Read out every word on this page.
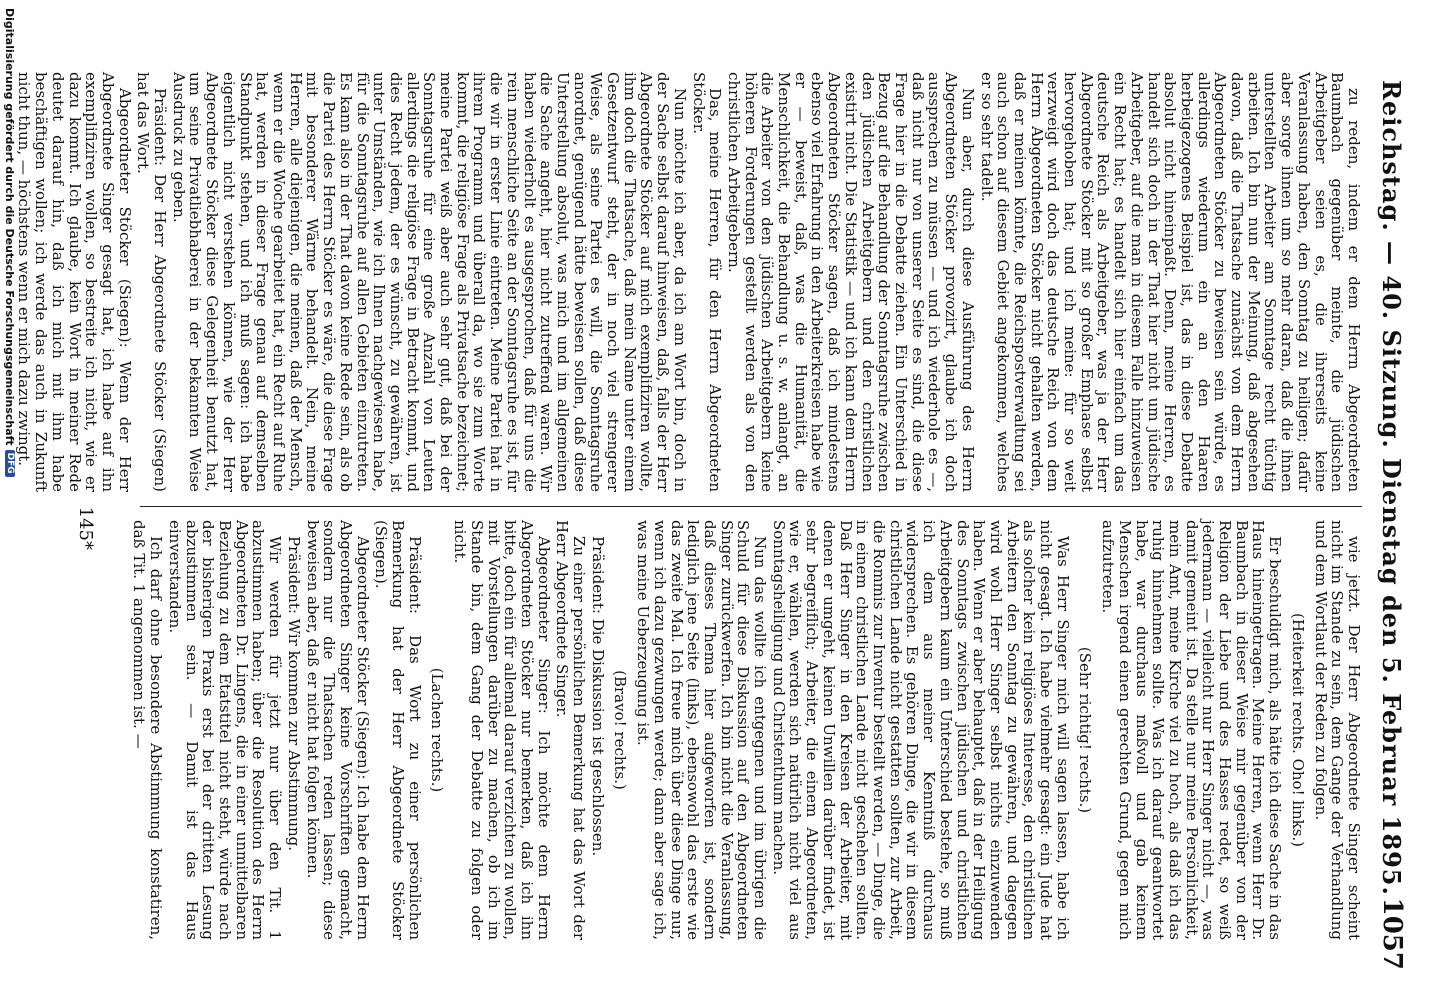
Reichstag. — 40. Sitzung. Dienstag den 5. Februar 1895.
1057

zu reden, indem er dem Herrn Abgeordneten Baumbach gegenüber meinte, die jüdischen Arbeitgeber seien es, die ihrerseits keine Veranlassung haben, den Sonntag zu heiligen; dafür aber sorge ihnen um so mehr daran, daß die ihnen unterstellten Arbeiter am Sonntage recht tüchtig arbeiten. Ich bin nun der Meinung, daß abgesehen davon, daß die Thatsache zunächst von dem Herrn Abgeordneten Stöcker zu beweisen sein würde, es allerdings wiederum ein an den Haaren herbeigezogenes Beispiel ist, das in diese Debatte absolut nicht hineinpaßt. Denn, meine Herren, es handelt sich doch in der That hier nicht um jüdische Arbeitgeber, auf die man in diesem Falle hinzuweisen ein Recht hat; es handelt sich hier einfach um das deutsche Reich als Arbeitgeber, was ja der Herr Abgeordnete Stöcker mit so großer Emphase selbst hervorgehoben hat; und ich meine: für so weit verzweigt wird doch das deutsche Reich von dem Herrn Abgeordneten Stöcker nicht gehalten werden, daß er meinen könnte, die Reichspostverwaltung sei auch schon auf diesem Gebiet angekommen, welches er so sehr tadelt.

Nun aber, durch diese Ausführung des Herrn Abgeordneten Stöcker provozirt, glaube ich doch aussprechen zu müssen — und ich wiederhole es —, daß nicht nur von unserer Seite es sind, die diese Frage hier in die Debatte ziehen. Ein Unterschied in Bezug auf die Behandlung der Sonntagsruhe zwischen den jüdischen Arbeitgebern und den christlichen existirt nicht. Die Statistik — und ich kann dem Herrn Abgeordneten Stöcker sagen, daß ich mindestens ebenso viel Erfahrung in den Arbeiterkreisen habe wie er — beweist, daß, was die Humanität, die Menschlichkeit, die Behandlung u. s. w. anlangt, an die Arbeiter von den jüdischen Arbeitgebern keine höheren Forderungen gestellt werden als von den christlichen Arbeitgebern.

Das, meine Herren, für den Herrn Abgeordneten Stöcker.

Nun möchte ich aber, da ich am Wort bin, doch in der Sache selbst darauf hinweisen, daß, falls der Herr Abgeordnete Stöcker auf mich exemplifiziren wollte, ihm doch die Thatsache, daß mein Name unter einem Gesetzentwurf steht, der in noch viel strengerer Weise, als seine Partei es will, die Sonntagsruhe anordnet, genügend hätte beweisen sollen, daß diese Unterstellung absolut, was mich und im allgemeinen die Sache angeht, hier nicht zutreffend waren. Wir haben wiederholt es ausgesprochen, daß für uns die rein menschliche Seite an der Sonntagsruhe es ist, für die wir in erster Linie eintreten. Meine Partei hat in ihrem Programm und überall da, wo sie zum Worte kommt, die religiöse Frage als Privatsache bezeichnet; meine Partei weiß aber auch sehr gut, daß bei der Sonntagsruhe für eine große Anzahl von Leuten allerdings die religiöse Frage in Betracht kommt, und dies Recht jedem, der es wünscht, zu gewähren, ist unter Umständen, wie ich Ihnen nachgewiesen habe, für die Sonntagsruhe auf allen Gebieten einzutreten. Es kann also in der That davon keine Rede sein, als ob die Partei des Herrn Stöcker es wäre, die diese Frage mit besonderer Wärme behandelt. Nein, meine Herren, alle diejenigen, die meinen, daß der Mensch, wenn er die Woche gearbeitet hat, ein Recht auf Ruhe hat, werden in dieser Frage genau auf demselben Standpunkt stehen, und ich muß sagen: ich habe eigentlich nicht verstehen können, wie der Herr Abgeordnete Stöcker diese Gelegenheit benutzt hat, um seine Privatliebhaberei in der bekannten Weise Ausdruck zu geben.

Präsident: Der Herr Abgeordnete Stöcker (Siegen) hat das Wort.

Abgeordneter Stöcker (Siegen): Wenn der Herr Abgeordnete Singer gesagt hat, ich habe auf ihn exemplifiziren wollen, so bestreite ich nicht, wie er dazu kommt. Ich glaube, kein Wort in meiner Rede deutet darauf hin, daß ich mich mit ihm habe beschäftigen wollen; ich werde das auch in Zukunft nicht thun, — höchstens wenn er mich dazu zwingt.

wie jetzt. Der Herr Abgeordnete Singer scheint nicht im Stande zu sein, dem Gange der Verhandlung und dem Wortlaut der Reden zu folgen.

(Heiterkeit rechts. Oho! links.)

Er beschuldigt mich, als hätte ich diese Sache in das Haus hineingetragen. Meine Herren, wenn Herr Dr. Baumbach in dieser Weise mir gegenüber von der Religion der Liebe und des Hasses redet, so weiß jedermann — vielleicht nur Herr Singer nicht —, was damit gemeint ist. Da stelle nur meine Persönlichkeit, mein Amt, meine Kirche viel zu hoch, als daß ich das ruhig hinnehmen sollte. Was ich darauf geantwortet habe, war durchaus maßvoll und gab keinem Menschen irgend einen gerechten Grund, gegen mich aufzutreten.

(Sehr richtig! rechts.)

Was Herr Singer mich will sagen lassen, habe ich nicht gesagt. Ich habe vielmehr gesagt: ein Jude hat als solcher kein religiöses Interesse, den christlichen Arbeitern den Sonntag zu gewähren, und dagegen wird wohl Herr Singer selbst nichts einzuwenden haben. Wenn er aber behauptet, daß in der Heiligung des Sonntags zwischen jüdischen und christlichen Arbeitgebern kaum ein Unterschied bestehe, so muß ich dem aus meiner Kenntniß durchaus widersprechen. Es gehören Dinge, die wir in diesem christlichen Lande nicht gestatten sollten, zur Arbeit, die Rommis zur Inventur bestellt werden, — Dinge, die in einem christlichen Lande nicht geschehen sollten. Daß Herr Singer in den Kreisen der Arbeiter, mit denen er umgeht, keinen Unwillen darüber findet, ist sehr begreiflich; Arbeiter, die einem Abgeordneten, wie er, wählen, werden sich natürlich nicht viel aus Sonntagsheiligung und Christenthum machen.

Nun das wollte ich entgegnen und im übrigen die Schuld für diese Diskussion auf den Abgeordneten Singer zurückwerfen. Ich bin nicht die Veranlassung, daß dieses Thema hier aufgeworfen ist, sondern lediglich jene Seite (links), ebensowohl das erste wie das zweite Mal. Ich freue mich über diese Dinge nur, wenn ich dazu gezwungen werde; dann aber sage ich, was meine Ueberzeugung ist.

(Bravo! rechts.)

Präsident: Die Diskussion ist geschlossen.

Zu einer persönlichen Bemerkung hat das Wort der Herr Abgeordnete Singer.

Abgeordneter Singer: Ich möchte dem Herrn Abgeordneten Stöcker nur bemerken, daß ich ihn bitte, doch ein für allemal darauf verzichten zu wollen, mit Vorstellungen darüber zu machen, ob ich im Stande bin, dem Gang der Debatte zu folgen oder nicht.

(Lachen rechts.)

Präsident: Das Wort zu einer persönlichen Bemerkung hat der Herr Abgeordnete Stöcker (Siegen).

Abgeordneter Stöcker (Siegen): Ich habe dem Herrn Abgeordneten Singer keine Vorschriften gemacht, sondern nur die Thatsachen reden lassen; diese beweisen aber, daß er nicht hat folgen können.

Präsident: Wir kommen zur Abstimmung.

Wir werden für jetzt nur über den Tit. 1 abzustimmen haben; über die Resolution des Herrn Abgeordneten Dr. Lingens, die in einer unmittelbaren Beziehung zu dem Etatstitel nicht steht, würde nach der bisherigen Praxis erst bei der dritten Lesung abzustimmen sein. — Damit ist das Haus einverstanden.

Ich darf ohne besondere Abstimmung konstatiren, daß Tit. 1 angenommen ist. —

145*
Digitalisierung gefördert durch die Deutsche Forschungsgemeinschaft
DFG
